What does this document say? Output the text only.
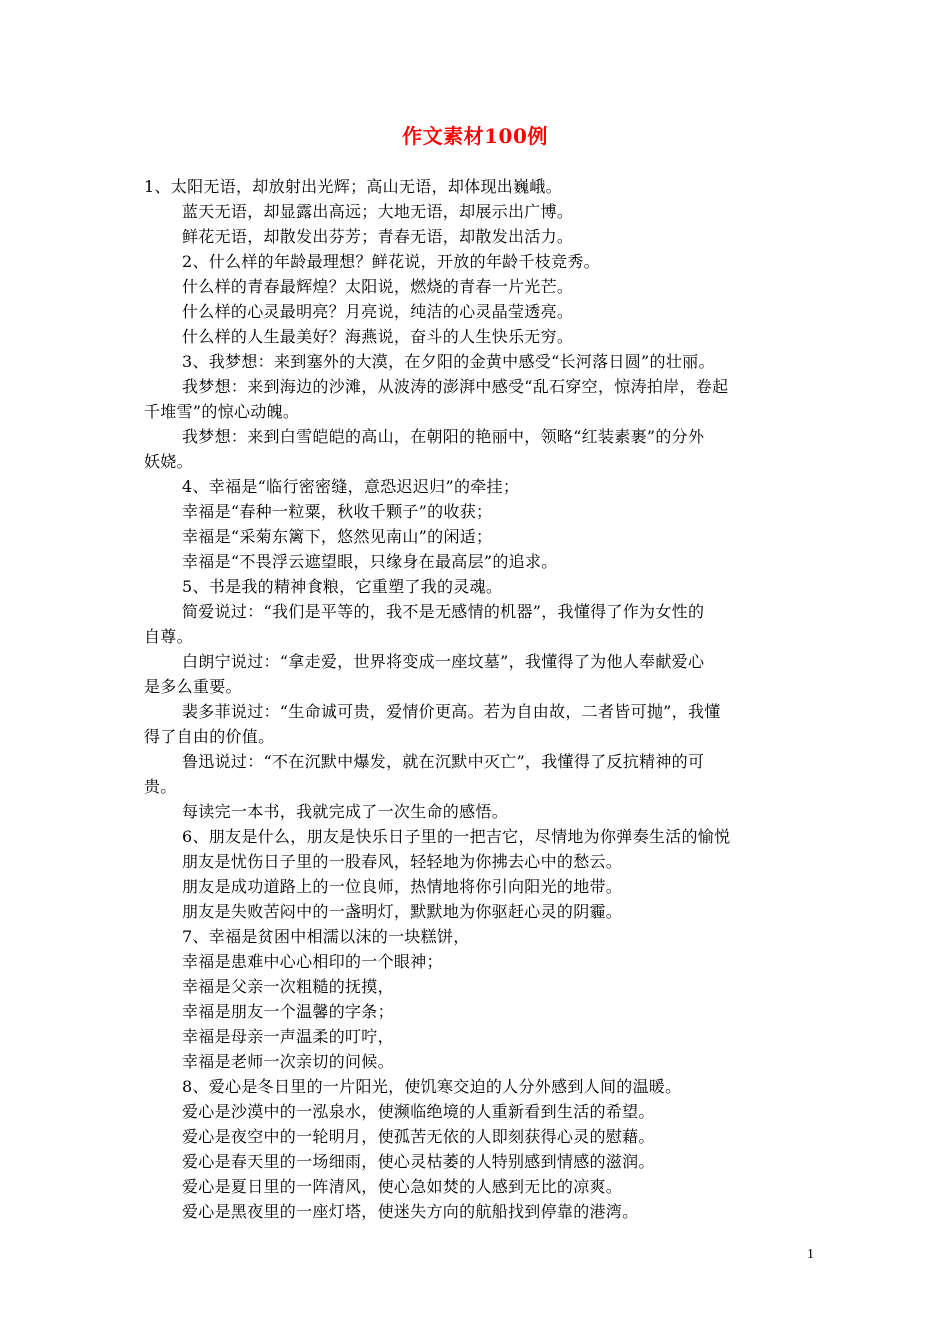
作文素材100例
1、太阳无语，却放射出光辉；高山无语，却体现出巍峨。
蓝天无语，却显露出高远；大地无语，却展示出广博。
鲜花无语，却散发出芬芳；青春无语，却散发出活力。
2、什么样的年龄最理想？鲜花说，开放的年龄千枝竞秀。
什么样的青春最辉煌？太阳说，燃烧的青春一片光芒。
什么样的心灵最明亮？月亮说，纯洁的心灵晶莹透亮。
什么样的人生最美好？海燕说，奋斗的人生快乐无穷。
3、我梦想：来到塞外的大漠，在夕阳的金黄中感受“长河落日圆”的壮丽。
我梦想：来到海边的沙滩，从波涛的澎湃中感受“乱石穿空，惊涛拍岸，卷起
千堆雪”的惊心动魄。
我梦想：来到白雪皑皑的高山，在朝阳的艳丽中，领略“红装素裹”的分外
妖娆。
4、幸福是“临行密密缝，意恐迟迟归”的牵挂；
幸福是“春种一粒粟，秋收千颗子”的收获；
幸福是“采菊东篱下，悠然见南山”的闲适；
幸福是“不畏浮云遮望眼，只缘身在最高层”的追求。
5、书是我的精神食粮，它重塑了我的灵魂。
简爱说过：“我们是平等的，我不是无感情的机器”，我懂得了作为女性的
自尊。
白朗宁说过：“拿走爱，世界将变成一座坟墓”，我懂得了为他人奉献爱心
是多么重要。
裴多菲说过：“生命诚可贵，爱情价更高。若为自由故，二者皆可抛”，我懂
得了自由的价值。
鲁迅说过：“不在沉默中爆发，就在沉默中灭亡”，我懂得了反抗精神的可
贵。
每读完一本书，我就完成了一次生命的感悟。
6、朋友是什么，朋友是快乐日子里的一把吉它，尽情地为你弹奏生活的愉悦
朋友是忧伤日子里的一股春风，轻轻地为你拂去心中的愁云。
朋友是成功道路上的一位良师，热情地将你引向阳光的地带。
朋友是失败苦闷中的一盏明灯，默默地为你驱赶心灵的阴霾。
7、幸福是贫困中相濡以沫的一块糕饼，
幸福是患难中心心相印的一个眼神；
幸福是父亲一次粗糙的抚摸，
幸福是朋友一个温馨的字条；
幸福是母亲一声温柔的叮咛，
幸福是老师一次亲切的问候。
8、爱心是冬日里的一片阳光，使饥寒交迫的人分外感到人间的温暖。
爱心是沙漠中的一泓泉水，使濒临绝境的人重新看到生活的希望。
爱心是夜空中的一轮明月，使孤苦无依的人即刻获得心灵的慰藉。
爱心是春天里的一场细雨，使心灵枯萎的人特别感到情感的滋润。
爱心是夏日里的一阵清风，使心急如焚的人感到无比的凉爽。
爱心是黑夜里的一座灯塔，使迷失方向的航船找到停靠的港湾。
1
